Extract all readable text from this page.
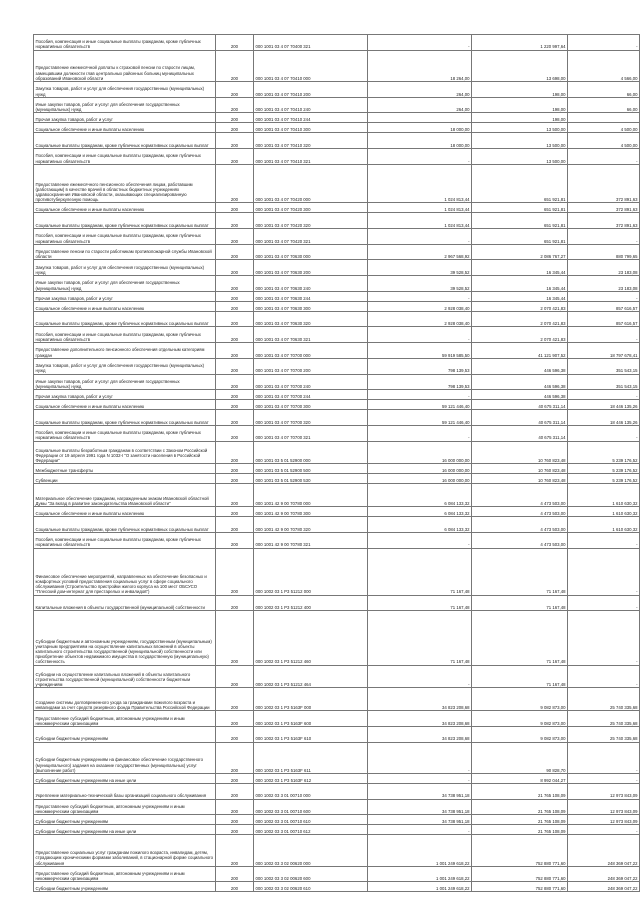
Пособия, компенсация и иные социальные выплаты гражданам, кроме публичных нормативных обязательств	200	000 1001 03 4 07 70400 321	-	1 220 997,64	-
Предоставление ежемесячной доплаты к страховой пенсии по старости лицам, замещавшим должности глав центральных районных больниц муниципальных образований Ивановской области	200	000 1001 03 4 07 70410 000	18 264,00	13 698,00	4 566,00
Закупка товаров, работ и услуг для обеспечения государственных (муниципальных) нужд	200	000 1001 03 4 07 70410 200	264,00	198,00	66,00
Иные закупки товаров, работ и услуг для обеспечения государственных (муниципальных) нужд	200	000 1001 03 4 07 70410 240	264,00	198,00	66,00
Прочая закупка товаров, работ и услуг	200	000 1001 03 4 07 70410 244		198,00	
Социальное обеспечение и иные выплаты населению	200	000 1001 03 4 07 70410 300	18 000,00	13 500,00	4 500,00
Социальные выплаты гражданам, кроме публичных нормативных социальных выплат	200	000 1001 03 4 07 70410 320	18 000,00	13 500,00	4 500,00
Пособия, компенсации и иные социальные выплаты гражданам, кроме публичных нормативных обязательств	200	000 1001 03 4 07 70410 321	-	13 500,00	-
Предоставление ежемесячного пенсионного обеспечения лицам, работавшим (работающим) в качестве врачей в областных бюджетных учреждениях здравоохранения Ивановской области, оказывающих специализированную противотуберкулезную помощь	200	000 1001 03 4 07 70420 000	1 024 813,44	651 921,81	372 891,63
Социальное обеспечение и иные выплаты населению	200	000 1001 03 4 07 70420 300	1 024 813,44	651 921,81	372 891,63
Социальные выплаты гражданам, кроме публичных нормативных социальных выплат	200	000 1001 03 4 07 70420 320	1 024 813,44	651 921,81	372 891,63
Пособия, компенсации и иные социальные выплаты гражданам, кроме публичных нормативных обязательств	200	000 1001 03 4 07 70420 321	-	651 921,81	-
Предоставление пенсии по старости работникам противопожарной службы Ивановской области	200	000 1001 03 4 07 70630 000	2 967 568,92	2 086 767,27	880 799,65
Закупка товаров, работ и услуг для обеспечения государственных (муниципальных) нужд	200	000 1001 03 4 07 70630 200	39 528,52	16 345,44	23 183,08
Иные закупки товаров, работ и услуг для обеспечения государственных (муниципальных) нужд	200	000 1001 03 4 07 70630 240	39 528,52	16 345,44	23 183,08
Прочая закупка товаров, работ и услуг	200	000 1001 03 4 07 70630 244	-	16 345,44	-
Социальное обеспечение и иные выплаты населению	200	000 1001 03 4 07 70630 300	2 928 038,40	2 070 421,83	857 616,57
Социальные выплаты гражданам, кроме публичных нормативных социальных выплат	200	000 1001 03 4 07 70630 320	2 928 038,40	2 070 421,83	857 616,57
Пособия, компенсации и иные социальные выплаты гражданам, кроме публичных нормативных обязательств	200	000 1001 03 4 07 70630 321	-	2 070 421,83	-
Предоставление дополнительного пенсионного обеспечения отдельным категориям граждан	200	000 1001 03 4 07 70700 000	59 919 585,50	41 121 907,52	18 797 678,41
Закупка товаров, работ и услуг для обеспечения государственных (муниципальных) нужд	200	000 1001 03 4 07 70700 200	798 139,53	446 596,38	351 543,15
Иные закупки товаров, работ и услуг для обеспечения государственных (муниципальных) нужд	200	000 1001 03 4 07 70700 240	798 139,53	446 596,38	351 543,15
Прочая закупка товаров, работ и услуг	200	000 1001 03 4 07 70700 244	-	446 596,38	-
Социальное обеспечение и иные выплаты населению	200	000 1001 03 4 07 70700 300	59 121 446,40	40 675 311,14	18 446 135,26
Социальные выплаты гражданам, кроме публичных нормативных социальных выплат	200	000 1001 03 4 07 70700 320	59 121 446,40	40 675 311,14	18 446 135,26
Пособия, компенсации и иные социальные выплаты гражданам, кроме публичных нормативных обязательств	200	000 1001 03 4 07 70700 321	-	40 675 311,14	-
Социальные выплаты безработным гражданам в соответствии с Законом Российской Федерации от 19 апреля 1991 года N 1032-I "О занятости населения в Российской Федерации"	200	000 1001 03 5 01 52900 000	16 000 000,00	10 760 823,48	5 239 176,52
Межбюджетные трансферты	200	000 1001 03 5 01 52900 500	16 000 000,00	10 760 823,48	5 239 176,52
Субвенции	200	000 1001 03 5 01 52900 530	16 000 000,00	10 760 823,48	5 239 176,52
Материальное обеспечение гражданам, награжденным знаком Ивановской областной Думы "За вклад в развитие законодательства Ивановской области"	200	000 1001 42 9 00 70780 000	6 084 133,32	4 473 503,00	1 610 630,32
Социальное обеспечение и иные выплаты населению	200	000 1001 42 9 00 70780 300	6 084 133,32	4 473 503,00	1 610 630,32
Социальные выплаты гражданам, кроме публичных нормативных социальных выплат	200	000 1001 42 9 00 70780 320	6 084 133,32	4 473 503,00	1 610 630,32
Пособия, компенсации и иные социальные выплаты гражданам, кроме публичных нормативных обязательств	200	000 1001 42 9 00 70780 321	-	4 473 503,00	-
Финансовое обеспечение мероприятий, направленных на обеспечение безопасных и комфортных условий предоставления социальных услуг в сфере социального обслуживания (Строительство пристройки жилого корпуса на 100 мест ОБСУСО "Плесский дом-интернат для престарелых и инвалидов")	200	000 1002 03 1 P3 51212 000	71 167,48	71 167,48	-
Капитальные вложения в объекты государственной (муниципальной) собственности	200	000 1002 03 1 P3 51212 400	71 167,48	71 167,48	-
Субсидии бюджетным и автономным учреждениям, государственным (муниципальным) унитарным предприятиям на осуществление капитальных вложений в объекты капитального строительства государственной (муниципальной) собственности или приобретение объектов недвижимого имущества в государственную (муниципальную) собственность	200	000 1002 03 1 P3 51212 460	71 167,48	71 167,48	-
Субсидии на осуществление капитальных вложений в объекты капитального строительства государственной (муниципальной) собственности бюджетным учреждениям	200	000 1002 03 1 P3 51212 464	-	71 167,48	-
Создание системы долговременного ухода за гражданами пожилого возраста и инвалидами за счет средств резервного фонда Правительства Российской Федерации	200	000 1002 03 1 P3 5163F 000	34 823 208,68	9 082 873,00	25 740 335,68
Предоставление субсидий бюджетным, автономным учреждениям и иным некоммерческим организациям	200	000 1002 03 1 P3 5163F 600	34 823 208,68	9 082 873,00	25 740 335,68
Субсидии бюджетным учреждениям	200	000 1002 03 1 P3 5163F 610	34 823 208,68	9 082 873,00	25 740 335,68
Субсидии бюджетным учреждениям на финансовое обеспечение государственного (муниципального) задания на оказание государственных (муниципальных) услуг (выполнение работ)	200	000 1002 03 1 P3 5163F 611	-	90 828,70	-
Субсидии бюджетным учреждениям на иные цели	200	000 1002 03 1 P3 5163F 612	-	8 992 044,27	-
Укрепление материально-технической базы организаций социального обслуживания	200	000 1002 03 3 01 00710 000	34 738 951,18	21 765 108,09	12 973 843,09
Предоставление субсидий бюджетным, автономным учреждениям и иным некоммерческим организациям	200	000 1002 03 3 01 00710 600	34 738 951,18	21 765 108,09	12 973 843,09
Субсидии бюджетным учреждениям	200	000 1002 03 3 01 00710 610	34 738 951,18	21 765 108,09	12 973 843,09
Субсидии бюджетным учреждениям на иные цели	200	000 1002 03 3 01 00710 612	-	21 765 108,09	-
Предоставление социальных услуг гражданам пожилого возраста, инвалидам, детям, страдающим хроническими формами заболеваний, в стационарной форме социального обслуживания	200	000 1002 03 3 02 00620 000	1 001 249 618,22	752 880 771,60	248 369 047,22
Предоставление субсидий бюджетным, автономным учреждениям и иным некоммерческим организациям	200	000 1002 03 3 02 00620 600	1 001 249 618,22	752 880 771,60	248 369 047,22
Субсидии бюджетным учреждениям	200	000 1002 03 3 02 00620 610	1 001 249 618,22	752 880 771,60	248 369 047,22
